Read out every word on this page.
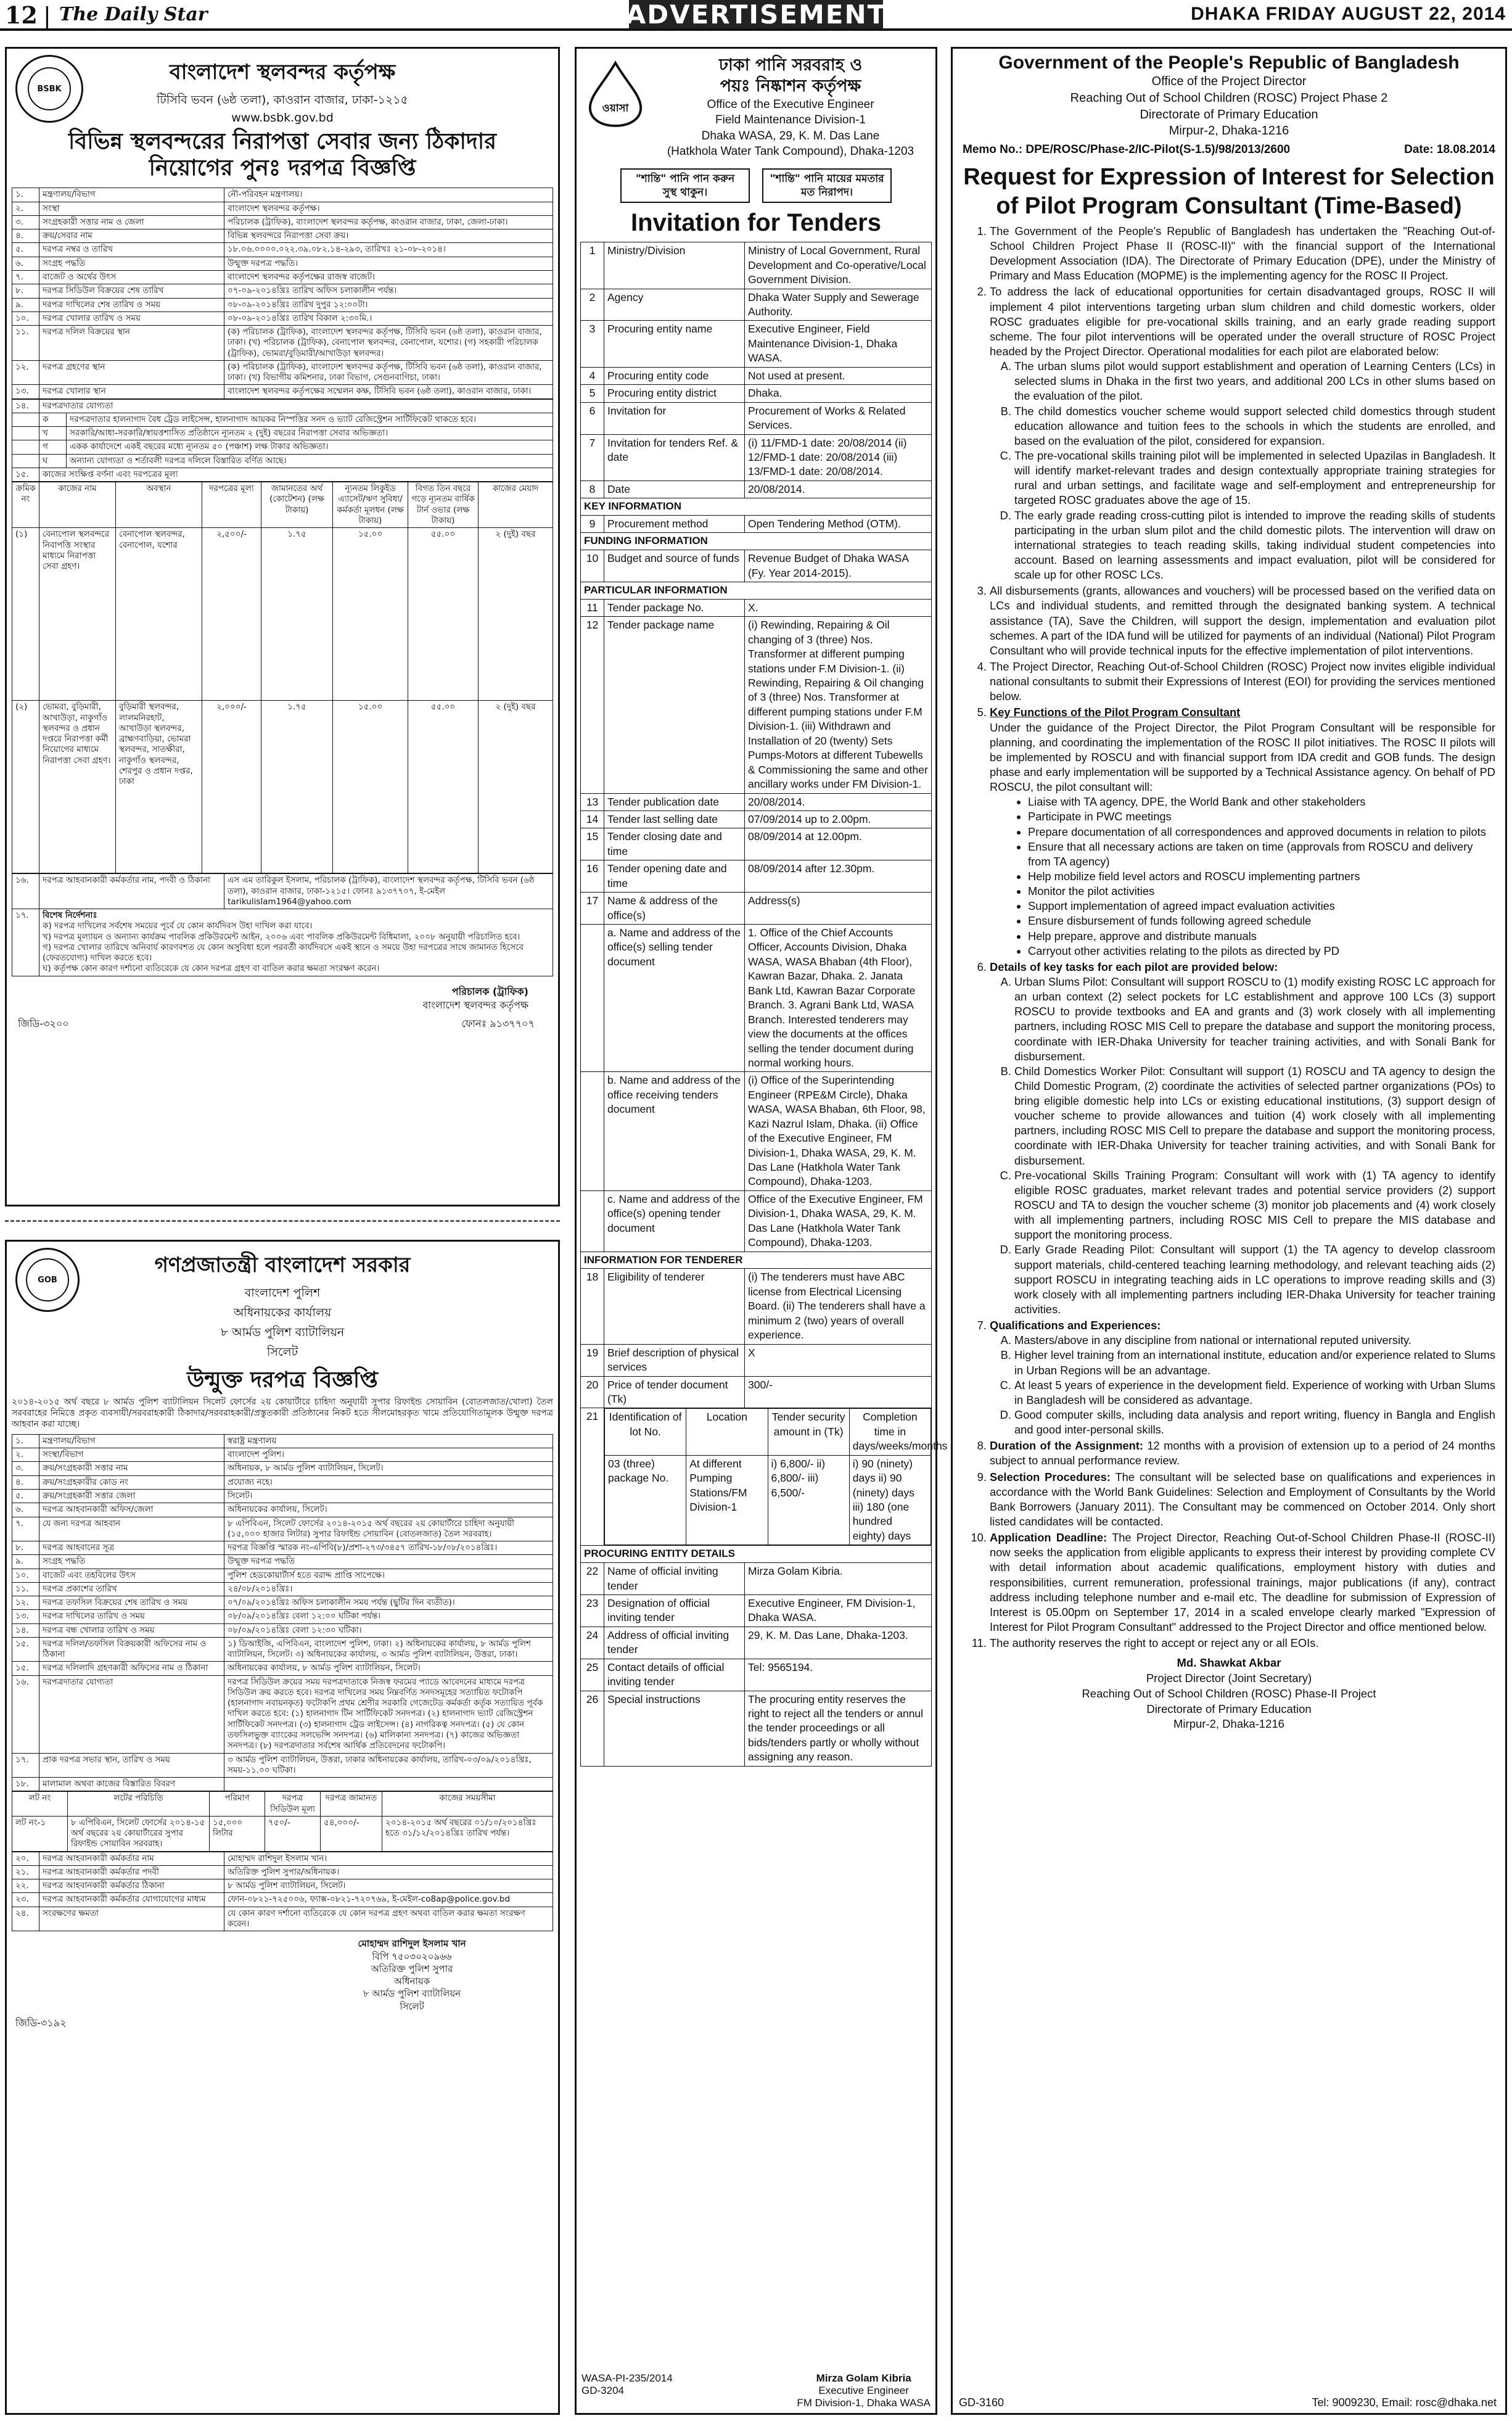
12 | The Daily Star	ADVERTISEMENT	DHAKA FRIDAY AUGUST 22, 2014
BSBK
বাংলাদেশ স্থলবন্দর কর্তৃপক্ষ
টিসিবি ভবন (৬ষ্ঠ তলা), কাওরান বাজার, ঢাকা-১২১৫
www.bsbk.gov.bd
বিভিন্ন স্থলবন্দরের নিরাপত্তা সেবার জন্য ঠিকাদার
নিয়োগের পুনঃ দরপত্র বিজ্ঞপ্তি
১.	মন্ত্রণালয়/বিভাগ	নৌ-পরিবহন মন্ত্রণালয়।
২.	সংস্থা	বাংলাদেশ স্থলবন্দর কর্তৃপক্ষ।
৩.	সংগ্রহকারী সত্তার নাম ও জেলা	পরিচালক (ট্রাফিক), বাংলাদেশ স্থলবন্দর কর্তৃপক্ষ, কাওরান বাজার, ঢাকা, জেলা-ঢাকা।
৪.	ক্রয়/সেবার নাম	বিভিন্ন স্থলবন্দরে নিরাপত্তা সেবা ক্রয়।
৫.	দরপত্র নম্বর ও তারিখ	১৮.০৬.০০০০.০২২.৩৯.০৮২.১৪-২৯৩, তারিখঃ ২১-০৮-২০১৪।
৬.	সংগ্রহ পদ্ধতি	উন্মুক্ত দরপত্র পদ্ধতি।
৭.	বাজেট ও অর্থের উৎস	বাংলাদেশ স্থলবন্দর কর্তৃপক্ষের রাজস্ব বাজেট।
৮.	দরপত্র সিডিউল বিক্রয়ের শেষ তারিখ	০৭-০৯-২০১৪খ্রিঃ তারিখ অফিস চলাকালীন পর্যন্ত।
৯.	দরপত্র দাখিলের শেষ তারিখ ও সময়	০৮-০৯-২০১৪খ্রিঃ তারিখ দুপুর ১২:০০টা।
১০.	দরপত্র খোলার তারিখ ও সময়	০৮-০৯-২০১৪খ্রিঃ তারিখ বিকাল ২:৩০মি.।
১১.	দরপত্র দলিল বিক্রয়ের স্থান	(ক) পরিচালক (ট্রাফিক), বাংলাদেশ স্থলবন্দর কর্তৃপক্ষ, টিসিবি ভবন (৬ষ্ঠ তলা), কাওরান বাজার, ঢাকা। (খ) পরিচালক (ট্রাফিক), বেনাপোল স্থলবন্দর, বেনাপোল, যশোর। (গ) সহকারী পরিচালক (ট্রাফিক), ভোমরা/বুড়িমারী/আখাউড়া স্থলবন্দর।
১২.	দরপত্র গ্রহণের স্থান	(ক) পরিচালক (ট্রাফিক), বাংলাদেশ স্থলবন্দর কর্তৃপক্ষ, টিসিবি ভবন (৬ষ্ঠ তলা), কাওরান বাজার, ঢাকা। (খ) বিভাগীয় কমিশনার, ঢাকা বিভাগ, সেগুনবাগিচা, ঢাকা।
১৩.	দরপত্র খোলার স্থান	বাংলাদেশ স্থলবন্দর কর্তৃপক্ষের সম্মেলন কক্ষ, টিসিবি ভবন (৬ষ্ঠ তলা), কাওরান বাজার, ঢাকা।
১৪.	দরপত্রদাতার যোগ্যতা	
	ক	দরপত্রদাতার হালনাগাদ বৈধ ট্রেড লাইসেন্স, হালনাগাদ আয়কর নিস্পত্তির সনদ ও ভ্যাট রেজিস্ট্রেশন সার্টিফিকেট থাকতে হবে।
	খ	সরকারি/আধা-সরকারি/স্বায়ত্তশাসিত প্রতিষ্ঠানে ন্যূনতম ২ (দুই) বছরের নিরাপত্তা সেবার অভিজ্ঞতা।
	গ	একক কার্যাদেশে একই বছরের মধ্যে ন্যূনতম ৫০ (পঞ্চাশ) লক্ষ টাকার অভিজ্ঞতা।
	ঘ	অন্যান্য যোগ্যতা ও শর্তাবলী দরপত্র দলিলে বিস্তারিত বর্ণিত আছে।
১৫.	কাজের সংক্ষিপ্ত বর্ণনা এবং দরপত্রের মূল্য	
ক্রমিক নং	কাজের নাম	অবস্থান	দরপত্রের মূল্য	জামানতের অর্থ (কোটেশন) (লক্ষ টাকায়)	ন্যূনতম লিকুইড এ্যাসেট/ঋণ সুবিধা/কর্মকর্তা মূলধন (লক্ষ টাকায়)	বিগত তিন বছরে গড়ে ন্যূনতম বার্ষিক টার্ন ওভার (লক্ষ টাকায়)	কাজের মেয়াদ
(১)	বেনাপোল স্থলবন্দরে নিবাপত্তি সংস্থার মাধ্যমে নিরাপত্তা সেবা গ্রহণ।	বেনাপোল স্থলবন্দর, বেনাপোল, যশোর	২,৫০০/-	১.৭৫	১৫.০০	৫৫.০০	২ (দুই) বছর
(২)	ভোমরা, বুড়িমারী, আখাউড়া, নাকুগাঁও স্থলবন্দর ও প্রধান দপ্তরে নিরাপত্তা কর্মী নিয়োগের মাধ্যমে নিরাপত্তা সেবা গ্রহণ।	বুড়িমারী স্থলবন্দর, লালমনিরহাট, আখাউড়া স্থলবন্দর, ব্রাহ্মণবাড়িয়া, ভোমরা স্থলবন্দর, সাতক্ষীরা, নাকুগাঁও স্থলবন্দর, শেরপুর ও প্রধান দপ্তর, ঢাকা	২,০০০/-	১.৭৫	১৫.০০	৫৫.০০	২ (দুই) বছর
১৬.	দরপত্র আহবানকারী কর্মকর্তার নাম, পদবী ও ঠিকানা	এস এম তারিকুল ইসলাম, পরিচালক (ট্রাফিক), বাংলাদেশ স্থলবন্দর কর্তৃপক্ষ, টিসিবি ভবন (৬ষ্ঠ তলা), কাওরান বাজার, ঢাকা-১২১৫। ফোনঃ ৯১৩৭৭০৭, ই-মেইল
tarikulislam1964@yahoo.com
১৭.	বিশেষ নির্দেশনাঃ
ক) দরপত্র দাখিলের সর্বশেষ সময়ের পূর্বে যে কোন কার্যদিবস উহা দাখিল করা যাবে।
খ) দরপত্র মূল্যায়ন ও অন্যান্য কার্যক্রম পাবলিক প্রকিউরমেন্ট আইন, ২০০৬ এবং পাবলিক প্রকিউরমেন্ট বিধিমালা, ২০০৮ অনুযায়ী পরিচালিত হবে।
গ) দরপত্র খোলার তারিখে অনিবার্য কারণবশত যে কোন অসুবিধা হলে পরবর্তী কার্যদিবসে একই স্থানে ও সময়ে উহা দরপত্রের সাথে জামানত হিসেবে (ফেরতযোগ্য) দাখিল করতে হবে।
ঘ) কর্তৃপক্ষ কোন কারণ দর্শানো ব্যতিরেকে যে কোন দরপত্র গ্রহণ বা বাতিল করার ক্ষমতা সংরক্ষণ করেন।	
পরিচালক (ট্রাফিক)
বাংলাদেশ স্থলবন্দর কর্তৃপক্ষ
জিডি-৩২০০	ফোনঃ ৯১৩৭৭০৭
GOB
গণপ্রজাতন্ত্রী বাংলাদেশ সরকার
বাংলাদেশ পুলিশ
অধিনায়কের কার্যালয়
৮ আর্মড পুলিশ ব্যাটালিয়ন
সিলেট
উন্মুক্ত দরপত্র বিজ্ঞপ্তি
২০১৪-২০১৫ অর্থ বছরে ৮ আর্মড পুলিশ ব্যাটালিয়ন সিলেট ফোর্সের ২য় কোয়ার্টারে চাহিদা অনুযায়ী সুপার রিফাইন্ড সোয়াবিন (বোতলজাত/খোলা) তৈল সরবরাহের নিমিত্তে প্রকৃত ব্যবসায়ী/সরবরাহকারী ঠিকাদার/সরবরাহকারী/প্রস্তুতকারী প্রতিষ্ঠানের নিকট হতে সীলমোহরকৃত খামে প্রতিযোগিতামূলক উন্মুক্ত দরপত্র আহবান করা যাচ্ছে।
১.	মন্ত্রণালয়/বিভাগ	স্বরাষ্ট্র মন্ত্রণালয়
২.	সংস্থা/বিভাগ	বাংলাদেশ পুলিশ।
৩.	ক্রয়/সংগ্রহকারী সত্তার নাম	অধিনায়ক, ৮ আর্মড পুলিশ ব্যাটালিয়ন, সিলেট।
৪.	ক্রয়/সংগ্রহকারীর কোড নং	প্রযোজ্য নহে।
৫.	ক্রয়/সংগ্রহকারী সত্তার জেলা	সিলেট।
৬.	দরপত্র আহবানকারী অফিস/জেলা	অধিনায়কের কার্যালয়, সিলেট।
৭.	যে জন্য দরপত্র আহবান	৮ এপিবিএন, সিলেট ফোর্সের ২০১৪-২০১৫ অর্থ বছরের ২য় কোয়ার্টারে চাহিদা অনুযায়ী (১৫,০০০ হাজার লিটার) সুপার রিফাইন্ড সোয়াবিন (বোতলজাত) তৈল সরবরাহ।
৮.	দরপত্র আহবানের সূত্র	দরপত্র বিজ্ঞপ্তি স্মারক নং-এপিবি(৮)/প্রশা-২৭৩/৩৪৫৭ তারিখ-১৮/০৮/২০১৪খ্রিঃ।
৯.	সংগ্রহ পদ্ধতি	উন্মুক্ত দরপত্র পদ্ধতি
১০.	বাজেট এবং তহবিলের উৎস	পুলিশ হেডকোয়ার্টার্স হতে বরাদ্দ প্রাপ্তি সাপেক্ষে।
১১.	দরপত্র প্রকাশের তারিখ	২৪/০৮/২০১৪খ্রিঃ।
১২.	দরপত্র তফসিল বিক্রয়ের শেষ তারিখ ও সময়	০৭/০৯/২০১৪খ্রিঃ অফিস চলাকালীন সময় পর্যন্ত (ছুটির দিন ব্যতীত)।
১৩.	দরপত্র দাখিলের তারিখ ও সময়	০৮/০৯/২০১৪খ্রিঃ বেলা ১২:০০ ঘটিকা পর্যন্ত।
১৪.	দরপত্র বন্ধ খোলার তারিখ ও সময়	০৮/০৯/২০১৪খ্রিঃ বেলা ১২:৩০ ঘটিকা।
১৫.	দরপত্র দলিল/তফসিল বিক্রয়কারী অফিসের নাম ও ঠিকানা	১) ডিআইজি, এপিবিএন, বাংলাদেশ পুলিশ, ঢাকা। ২) অধিনায়কের কার্যালয়, ৮ আর্মড পুলিশ ব্যাটালিয়ন, সিলেট। ৩) অধিনায়কের কার্যালয়, ৩ আর্মড পুলিশ ব্যাটালিয়ন, উত্তরা, ঢাকা।
১৫.	দরপত্র দলিলাদি গ্রহণকারী অফিসের নাম ও ঠিকানা	অধিনায়কের কার্যালয়, ৮ আর্মড পুলিশ ব্যাটালিয়ন, সিলেট।
১৬.	দরপত্রদাতার যোগ্যতা	দরপত্র সিডিউল ক্রয়ের সময় দরপত্রদাতাকে নিজস্ব ফরমের প্যাডে আবেদনের মাধ্যমে দরপত্র সিডিউল ক্রয় করতে হবে। দরপত্র দাখিলের সময় নিম্নবর্ণিত সনদসমূহের সত্যায়িত ফটোকপি (হালনাগাদ নবায়নকৃত) ফটোকপি প্রথম শ্রেণীর সরকারি গেজেটেড কর্মকর্তা কর্তৃক সত্যায়িত পূর্বক দাখিল করতে হবে: (১) হালনাগাদ টিন সার্টিফিকেট সনদপত্র। (২) হালনাগাদ ভ্যাট রেজিস্ট্রেশন সার্টিফিকেট সনদপত্র। (৩) হালনাগাদ ট্রেড লাইসেন্স। (৪) নাগরিকত্ব সনদপত্র। (৫) যে কোন তফসিলভুক্ত ব্যাংকের সলভেন্সি সনদপত্র। (৬) মালিকানা সনদপত্র। (৭) কাজের অভিজ্ঞতা সনদপত্র। (৮) দরপত্রদাতার সর্বশেষ আর্থিক প্রতিবেদনের ফটোকপি।
১৭.	প্রাক দরপত্র সভার স্থান, তারিখ ও সময়	৩ আর্মড পুলিশ ব্যাটালিয়ন, উত্তরা, ঢাকার অধিনায়কের কার্যালয়, তারিখ-০৩/০৯/২০১৪খ্রিঃ, সময়-১১.০০ ঘটিকা।
১৮.	মালামাল অথবা কাজের বিস্তারিত বিবরণ	
লট নং	লটের পরিচিতি	পরিমাণ	দরপত্র সিডিউল মূল্য	দরপত্র জামানত	কাজের সময়সীমা
লট নং-১	৮ এপিবিএন, সিলেট ফোর্সের ২০১৪-১৫ অর্থ বছরের ২য় কোয়ার্টারের সুপার রিফাইন্ড সোয়াবিন সরবরাহ।	১৫,০০০ লিটার	৭৫০/-	৫৪,০০০/-	২০১৪-২০১৫ অর্থ বছরের ০১/১০/২০১৪খ্রিঃ হতে ৩১/১২/২০১৪খ্রিঃ তারিখ পর্যন্ত।
২০.	দরপত্র আহবানকারী কর্মকর্তার নাম	মোহাম্মদ রাশিদুল ইসলাম খান।
২১.	দরপত্র আহবানকারী কর্মকর্তার পদবী	অতিরিক্ত পুলিশ সুপার/অধিনায়ক।
২২.	দরপত্র আহবানকারী কর্মকর্তার ঠিকানা	৮ আর্মড পুলিশ ব্যাটালিয়ন, সিলেট।
২৩.	দরপত্র আহবানকারী কর্মকর্তার যোগাযোগের মাধ্যম	ফোন-০৮২১-৭২৫০০৬, ফ্যাক্স-০৮২১-৭২০৭৬৯, ই-মেইল-co8ap@police.gov.bd
২৪.	সংরক্ষণের ক্ষমতা	যে কোন কারণ দর্শানো ব্যতিরেকে যে কোন দরপত্র গ্রহণ অথবা বাতিল করার ক্ষমতা সংরক্ষণ করেন।
মোহাম্মদ রাশিদুল ইসলাম খান
বিপি ৭৫০৩০২০৯৬৬
অতিরিক্ত পুলিশ সুপার
অধিনায়ক
৮ আর্মড পুলিশ ব্যাটালিয়ন
সিলেট
জিডি-৩১৯২
ওয়াসা
ঢাকা পানি সরবরাহ ও
পয়ঃ নিষ্কাশন কর্তৃপক্ষ
Office of the Executive Engineer
Field Maintenance Division-1
Dhaka WASA, 29, K. M. Das Lane
(Hatkhola Water Tank Compound), Dhaka-1203
"শান্তি" পানি পান করুন সুস্থ থাকুন।
"শান্তি" পানি মায়ের মমতার মত নিরাপদ।
Invitation for Tenders
1	Ministry/Division	Ministry of Local Government, Rural Development and Co-operative/Local Government Division.
2	Agency	Dhaka Water Supply and Sewerage Authority.
3	Procuring entity name	Executive Engineer, Field Maintenance Division-1, Dhaka WASA.
4	Procuring entity code	Not used at present.
5	Procuring entity district	Dhaka.
6	Invitation for	Procurement of Works & Related Services.
7	Invitation for tenders Ref. & date	(i) 11/FMD-1 date: 20/08/2014 (ii) 12/FMD-1 date: 20/08/2014 (iii) 13/FMD-1 date: 20/08/2014.
8	Date	20/08/2014.
KEY INFORMATION
9	Procurement method	Open Tendering Method (OTM).
FUNDING INFORMATION
10	Budget and source of funds	Revenue Budget of Dhaka WASA (Fy. Year 2014-2015).
PARTICULAR INFORMATION
11	Tender package No.	X.
12	Tender package name	(i) Rewinding, Repairing & Oil changing of 3 (three) Nos. Transformer at different pumping stations under F.M Division-1. (ii) Rewinding, Repairing & Oil changing of 3 (three) Nos. Transformer at different pumping stations under F.M Division-1. (iii) Withdrawn and Installation of 20 (twenty) Sets Pumps-Motors at different Tubewells & Commissioning the same and other ancillary works under FM Division-1.
13	Tender publication date	20/08/2014.
14	Tender last selling date	07/09/2014 up to 2.00pm.
15	Tender closing date and time	08/09/2014 at 12.00pm.
16	Tender opening date and time	08/09/2014 after 12.30pm.
17	Name & address of the office(s)	Address(s)
	a. Name and address of the office(s) selling tender document	1. Office of the Chief Accounts Officer, Accounts Division, Dhaka WASA, WASA Bhaban (4th Floor), Kawran Bazar, Dhaka. 2. Janata Bank Ltd, Kawran Bazar Corporate Branch. 3. Agrani Bank Ltd, WASA Branch. Interested tenderers may view the documents at the offices selling the tender document during normal working hours.
	b. Name and address of the office receiving tenders document	(i) Office of the Superintending Engineer (RPE&M Circle), Dhaka WASA, WASA Bhaban, 6th Floor, 98, Kazi Nazrul Islam, Dhaka. (ii) Office of the Executive Engineer, FM Division-1, Dhaka WASA, 29, K. M. Das Lane (Hatkhola Water Tank Compound), Dhaka-1203.
	c. Name and address of the office(s) opening tender document	Office of the Executive Engineer, FM Division-1, Dhaka WASA, 29, K. M. Das Lane (Hatkhola Water Tank Compound), Dhaka-1203.
INFORMATION FOR TENDERER
18	Eligibility of tenderer	(i) The tenderers must have ABC license from Electrical Licensing Board. (ii) The tenderers shall have a minimum 2 (two) years of overall experience.
19	Brief description of physical services	X
20	Price of tender document (Tk)	300/-
21	Identification of lot No.	Location	Tender security amount in (Tk)	Completion time in days/weeks/months
03 (three) package No.	At different Pumping Stations/FM Division-1	i) 6,800/- ii) 6,800/- iii) 6,500/-	i) 90 (ninety) days ii) 90 (ninety) days iii) 180 (one hundred eighty) days

PROCURING ENTITY DETAILS
22	Name of official inviting tender	Mirza Golam Kibria.
23	Designation of official inviting tender	Executive Engineer, FM Division-1, Dhaka WASA.
24	Address of official inviting tender	29, K. M. Das Lane, Dhaka-1203.
25	Contact details of official inviting tender	Tel: 9565194.
26	Special instructions	The procuring entity reserves the right to reject all the tenders or annul the tender proceedings or all bids/tenders partly or wholly without assigning any reason.
WASA-PI-235/2014
GD-3204
Mirza Golam Kibria
Executive Engineer
FM Division-1, Dhaka WASA
Government of the People's Republic of Bangladesh
Office of the Project Director
Reaching Out of School Children (ROSC) Project Phase 2
Directorate of Primary Education
Mirpur-2, Dhaka-1216
Memo No.: DPE/ROSC/Phase-2/IC-Pilot(S-1.5)/98/2013/2600	Date: 18.08.2014
Request for Expression of Interest for Selection
of Pilot Program Consultant (Time-Based)

1. The Government of the People's Republic of Bangladesh has undertaken the "Reaching Out-of-School Children Project Phase II (ROSC-II)" with the financial support of the International Development Association (IDA). The Directorate of Primary Education (DPE), under the Ministry of Primary and Mass Education (MOPME) is the implementing agency for the ROSC II Project.

2. To address the lack of educational opportunities for certain disadvantaged groups, ROSC II will implement 4 pilot interventions targeting urban slum children and child domestic workers, older ROSC graduates eligible for pre-vocational skills training, and an early grade reading support scheme. The four pilot interventions will be operated under the overall structure of ROSC Project headed by the Project Director. Operational modalities for each pilot are elaborated below:

A. The urban slums pilot would support establishment and operation of Learning Centers (LCs) in selected slums in Dhaka in the first two years, and additional 200 LCs in other slums based on the evaluation of the pilot.
B. The child domestics voucher scheme would support selected child domestics through student education allowance and tuition fees to the schools in which the students are enrolled, and based on the evaluation of the pilot, considered for expansion.
C. The pre-vocational skills training pilot will be implemented in selected Upazilas in Bangladesh. It will identify market-relevant trades and design contextually appropriate training strategies for rural and urban settings, and facilitate wage and self-employment and entrepreneurship for targeted ROSC graduates above the age of 15.
D. The early grade reading cross-cutting pilot is intended to improve the reading skills of students participating in the urban slum pilot and the child domestic pilots. The intervention will draw on international strategies to teach reading skills, taking individual student competencies into account. Based on learning assessments and impact evaluation, pilot will be considered for scale up for other ROSC LCs.

3. All disbursements (grants, allowances and vouchers) will be processed based on the verified data on LCs and individual students, and remitted through the designated banking system. A technical assistance (TA), Save the Children, will support the design, implementation and evaluation pilot schemes. A part of the IDA fund will be utilized for payments of an individual (National) Pilot Program Consultant who will provide technical inputs for the effective implementation of pilot interventions.

4. The Project Director, Reaching Out-of-School Children (ROSC) Project now invites eligible individual national consultants to submit their Expressions of Interest (EOI) for providing the services mentioned below.

5. Key Functions of the Pilot Program Consultant

Under the guidance of the Project Director, the Pilot Program Consultant will be responsible for planning, and coordinating the implementation of the ROSC II pilot initiatives. The ROSC II pilots will be implemented by ROSCU and with financial support from IDA credit and GOB funds. The design phase and early implementation will be supported by a Technical Assistance agency. On behalf of PD ROSCU, the pilot consultant will:

• Liaise with TA agency, DPE, the World Bank and other stakeholders
• Participate in PWC meetings
• Prepare documentation of all correspondences and approved documents in relation to pilots
• Ensure that all necessary actions are taken on time (approvals from ROSCU and delivery from TA agency)
• Help mobilize field level actors and ROSCU implementing partners
• Monitor the pilot activities
• Support implementation of agreed impact evaluation activities
• Ensure disbursement of funds following agreed schedule
• Help prepare, approve and distribute manuals
• Carryout other activities relating to the pilots as directed by PD

6. Details of key tasks for each pilot are provided below:

A. Urban Slums Pilot: Consultant will support ROSCU to (1) modify existing ROSC LC approach for an urban context (2) select pockets for LC establishment and approve 100 LCs (3) support ROSCU to provide textbooks and EA and grants and (3) work closely with all implementing partners, including ROSC MIS Cell to prepare the database and support the monitoring process, coordinate with IER-Dhaka University for teacher training activities, and with Sonali Bank for disbursement.
B. Child Domestics Worker Pilot: Consultant will support (1) ROSCU and TA agency to design the Child Domestic Program, (2) coordinate the activities of selected partner organizations (POs) to bring eligible domestic help into LCs or existing educational institutions, (3) support design of voucher scheme to provide allowances and tuition (4) work closely with all implementing partners, including ROSC MIS Cell to prepare the database and support the monitoring process, coordinate with IER-Dhaka University for teacher training activities, and with Sonali Bank for disbursement.
C. Pre-vocational Skills Training Program: Consultant will work with (1) TA agency to identify eligible ROSC graduates, market relevant trades and potential service providers (2) support ROSCU and TA to design the voucher scheme (3) monitor job placements and (4) work closely with all implementing partners, including ROSC MIS Cell to prepare the MIS database and support the monitoring process.
D. Early Grade Reading Pilot: Consultant will support (1) the TA agency to develop classroom support materials, child-centered teaching learning methodology, and relevant teaching aids (2) support ROSCU in integrating teaching aids in LC operations to improve reading skills and (3) work closely with all implementing partners including IER-Dhaka University for teacher training activities.

7. Qualifications and Experiences:

A. Masters/above in any discipline from national or international reputed university.
B. Higher level training from an international institute, education and/or experience related to Slums in Urban Regions will be an advantage.
C. At least 5 years of experience in the development field. Experience of working with Urban Slums in Bangladesh will be considered as advantage.
D. Good computer skills, including data analysis and report writing, fluency in Bangla and English and good inter-personal skills.

8. Duration of the Assignment: 12 months with a provision of extension up to a period of 24 months subject to annual performance review.

9. Selection Procedures: The consultant will be selected base on qualifications and experiences in accordance with the World Bank Guidelines: Selection and Employment of Consultants by the World Bank Borrowers (January 2011). The Consultant may be commenced on October 2014. Only short listed candidates will be contacted.

10. Application Deadline: The Project Director, Reaching Out-of-School Children Phase-II (ROSC-II) now seeks the application from eligible applicants to express their interest by providing complete CV with detail information about academic qualifications, employment history with duties and responsibilities, current remuneration, professional trainings, major publications (if any), contract address including telephone number and e-mail etc. The deadline for submission of Expression of Interest is 05.00pm on September 17, 2014 in a scaled envelope clearly marked "Expression of Interest for Pilot Program Consultant" addressed to the Project Director and office mentioned below.

11. The authority reserves the right to accept or reject any or all EOIs.

Md. Shawkat Akbar
Project Director (Joint Secretary)
Reaching Out of School Children (ROSC) Phase-II Project
Directorate of Primary Education
Mirpur-2, Dhaka-1216
GD-3160	Tel: 9009230, Email: rosc@dhaka.net
